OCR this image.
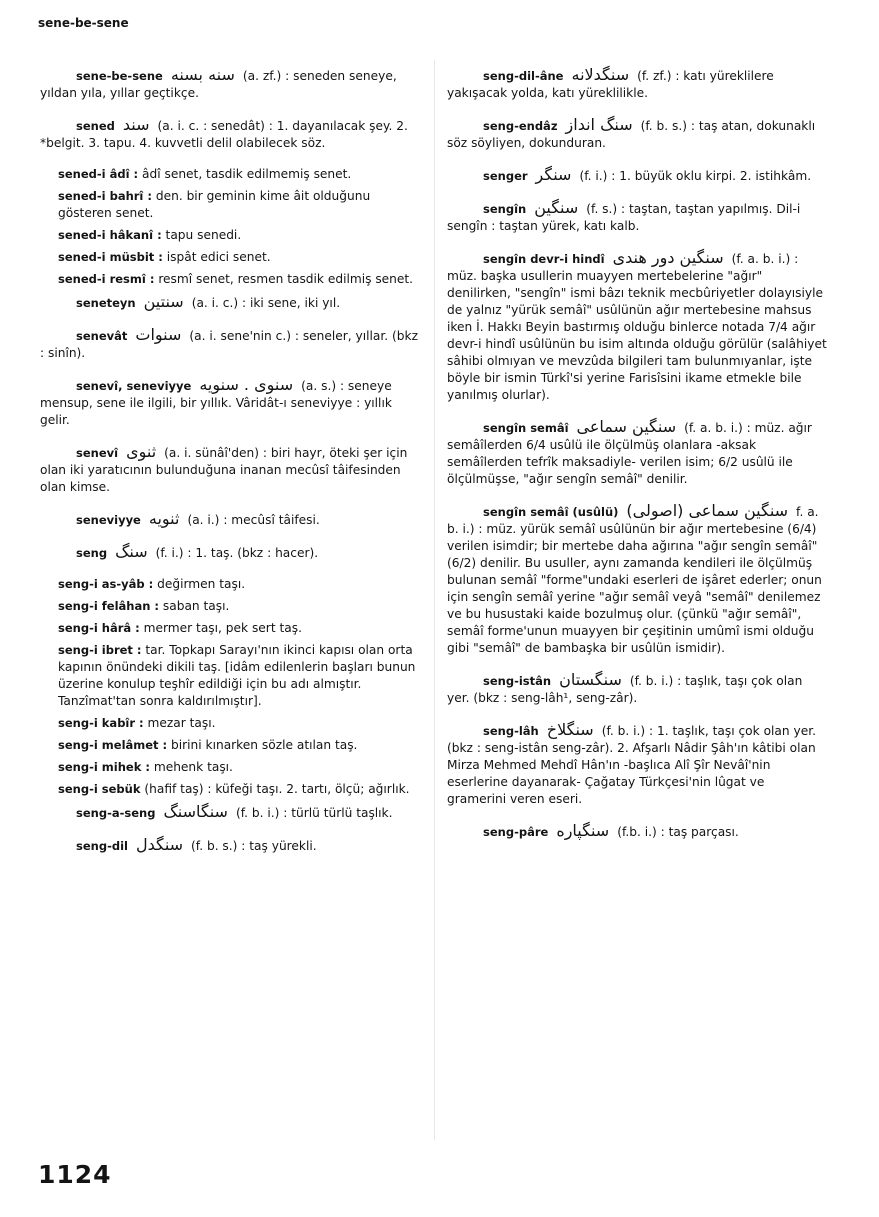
sene-be-sene

sene-be-sene سنه بسنه (a. zf.) : seneden seneye, yıldan yıla, yıllar geçtikçe.

sened سند (a. i. c. : senedât) : 1. dayanılacak şey. 2. *belgit. 3. tapu. 4. kuvvetli delil olabilecek söz.

sened-i âdî : âdî senet, tasdik edilmemiş senet.

sened-i bahrî : den. bir geminin kime âit olduğunu gösteren senet.

sened-i hâkanî : tapu senedi.

sened-i müsbit : ispât edici senet.

sened-i resmî : resmî senet, resmen tasdik edilmiş senet.

seneteyn سنتين (a. i. c.) : iki sene, iki yıl.

senevât سنوات (a. i. sene'nin c.) : seneler, yıllar. (bkz : sinîn).

senevî, seneviyye سنوى . سنويه (a. s.) : seneye mensup, sene ile ilgili, bir yıllık. Vâridât-ı seneviyye : yıllık gelir.

senevî ثنوى (a. i. sünâî'den) : biri hayr, öteki şer için olan iki yaratıcının bulunduğuna inanan mecûsî tâifesinden olan kimse.

seneviyye ثنويه (a. i.) : mecûsî tâifesi.

seng سنگ (f. i.) : 1. taş. (bkz : hacer).

seng-i as-yâb : değirmen taşı.

seng-i felâhan : saban taşı.

seng-i hârâ : mermer taşı, pek sert taş.

seng-i ibret : tar. Topkapı Sarayı'nın ikinci kapısı olan orta kapının önündeki dikili taş. [idâm edilenlerin başları bunun üzerine konulup teşhîr edildiği için bu adı almıştır. Tanzîmat'tan sonra kaldırılmıştır].

seng-i kabîr : mezar taşı.

seng-i melâmet : birini kınarken sözle atılan taş.

seng-i mihek : mehenk taşı.

seng-i sebük (hafif taş) : küfeği taşı. 2. tartı, ölçü; ağırlık.

seng-a-seng سنگاسنگ (f. b. i.) : türlü türlü taşlık.

seng-dil سنگدل (f. b. s.) : taş yürekli.

seng-dil-âne سنگدلانه (f. zf.) : katı yüreklilere yakışacak yolda, katı yüreklilikle.

seng-endâz سنگ انداز (f. b. s.) : taş atan, dokunaklı söz söyliyen, dokunduran.

senger سنگر (f. i.) : 1. büyük oklu kirpi. 2. istihkâm.

sengîn سنگين (f. s.) : taştan, taştan yapılmış. Dil-i sengîn : taştan yürek, katı kalb.

sengîn devr-i hindî سنگين دور هندى (f. a. b. i.) : müz. başka usullerin muayyen mertebelerine "ağır" denilirken, "sengîn" ismi bâzı teknik mecbûriyetler dolayısiyle de yalnız "yürük semâî" usûlünün ağır mertebesine mahsus iken İ. Hakkı Beyin bastırmış olduğu binlerce notada 7/4 ağır devr-i hindî usûlünün bu isim altında olduğu görülür (salâhiyet sâhibi olmıyan ve mevzûda bilgileri tam bulunmıyanlar, işte böyle bir ismin Türkî'si yerine Farisîsini ikame etmekle bile yanılmış olurlar).

sengîn semâî سنگين سماعى (f. a. b. i.) : müz. ağır semâîlerden 6/4 usûlü ile ölçülmüş olanlara -aksak semâîlerden tefrîk maksadiyle- verilen isim; 6/2 usûlü ile ölçülmüşse, "ağır sengîn semâî" denilir.

sengîn semâî (usûlü) سنگين سماعى (اصولى) f. a. b. i.) : müz. yürük semâî usûlünün bir ağır mertebesine (6/4) verilen isimdir; bir mertebe daha ağırına "ağır sengîn semâî" (6/2) denilir. Bu usuller, aynı zamanda kendileri ile ölçülmüş bulunan semâî "forme"undaki eserleri de işâret ederler; onun için sengîn semâî yerine "ağır semâî veyâ "semâî" denilemez ve bu husustaki kaide bozulmuş olur. (çünkü "ağır semâî", semâî forme'unun muayyen bir çeşitinin umûmî ismi olduğu gibi "semâî" de bambaşka bir usûlün ismidir).

seng-istân سنگستان (f. b. i.) : taşlık, taşı çok olan yer. (bkz : seng-lâh¹, seng-zâr).

seng-lâh سنگلاخ (f. b. i.) : 1. taşlık, taşı çok olan yer. (bkz : seng-istân seng-zâr). 2. Afşarlı Nâdir Şâh'ın kâtibi olan Mirza Mehmed Mehdî Hân'ın -başlıca Alî Şîr Nevâî'nin eserlerine dayanarak- Çağatay Türkçesi'nin lûgat ve gramerini veren eseri.

seng-pâre سنگپاره (f.b. i.) : taş parçası.

1124
